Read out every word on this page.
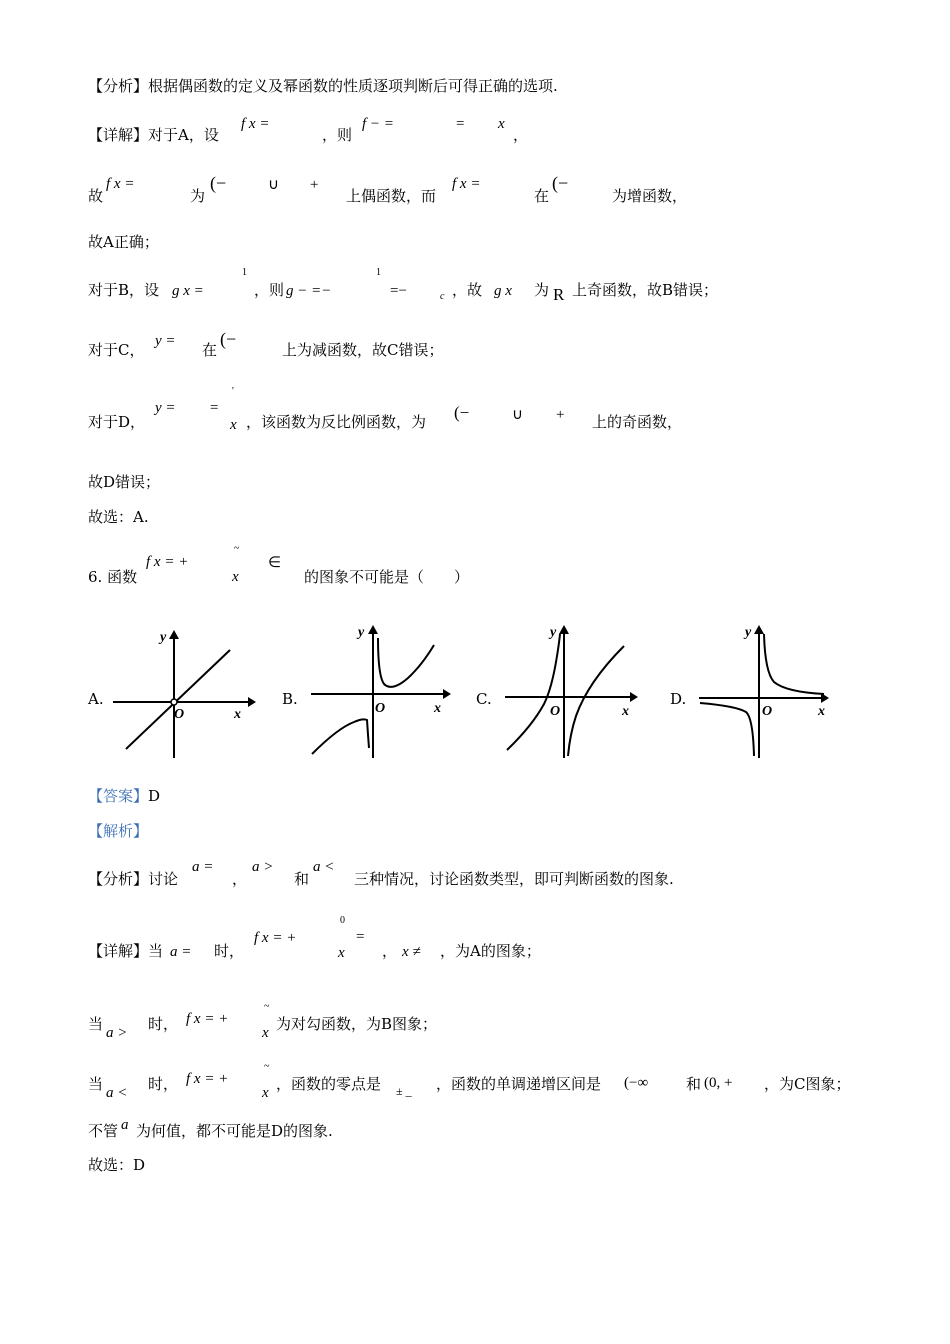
【分析】根据偶函数的定义及幂函数的性质逐项判断后可得正确的选项.
【详解】对于A，设
f x =
，则
f − =	= x
，
故
f x =
为
(−	∪ +
上偶函数，而
f x =
在
(−
为增函数，
故A正确；
对于B，设 g x =
1
，则 g − =−
1
=−	c ，故 g x 为 R 上奇函数，故B错误；
对于C， y = 在
(−
上为减函数，故C错误；
对于D，
y = =
'
x ，该函数为反比例函数，为 (−	∪ + 上的奇函数，
故D错误；
故选：A.
6. 函数
f x = +
~
x
∈
的图象不可能是（　　）
A.
y
x
O
B.
y
x
O
C.
y
x
O
D.
y
x
O
【答案】D
【解析】
【分析】讨论
a =
，
a >
和
a <
三种情况，讨论函数类型，即可判断函数的图象.
【详解】当 a = 时，
f x = +
0
x
=
， x ≠ ，为A的图象；
当 a > 时， f x = +
~
x 为对勾函数，为B图象；
当 a < 时， f x = +
~
x ，函数的零点是 ± _ ，函数的单调递增区间是 (−∞	和 (0, + ，为C图象；
不管 a 为何值，都不可能是D的图象.
故选：D
